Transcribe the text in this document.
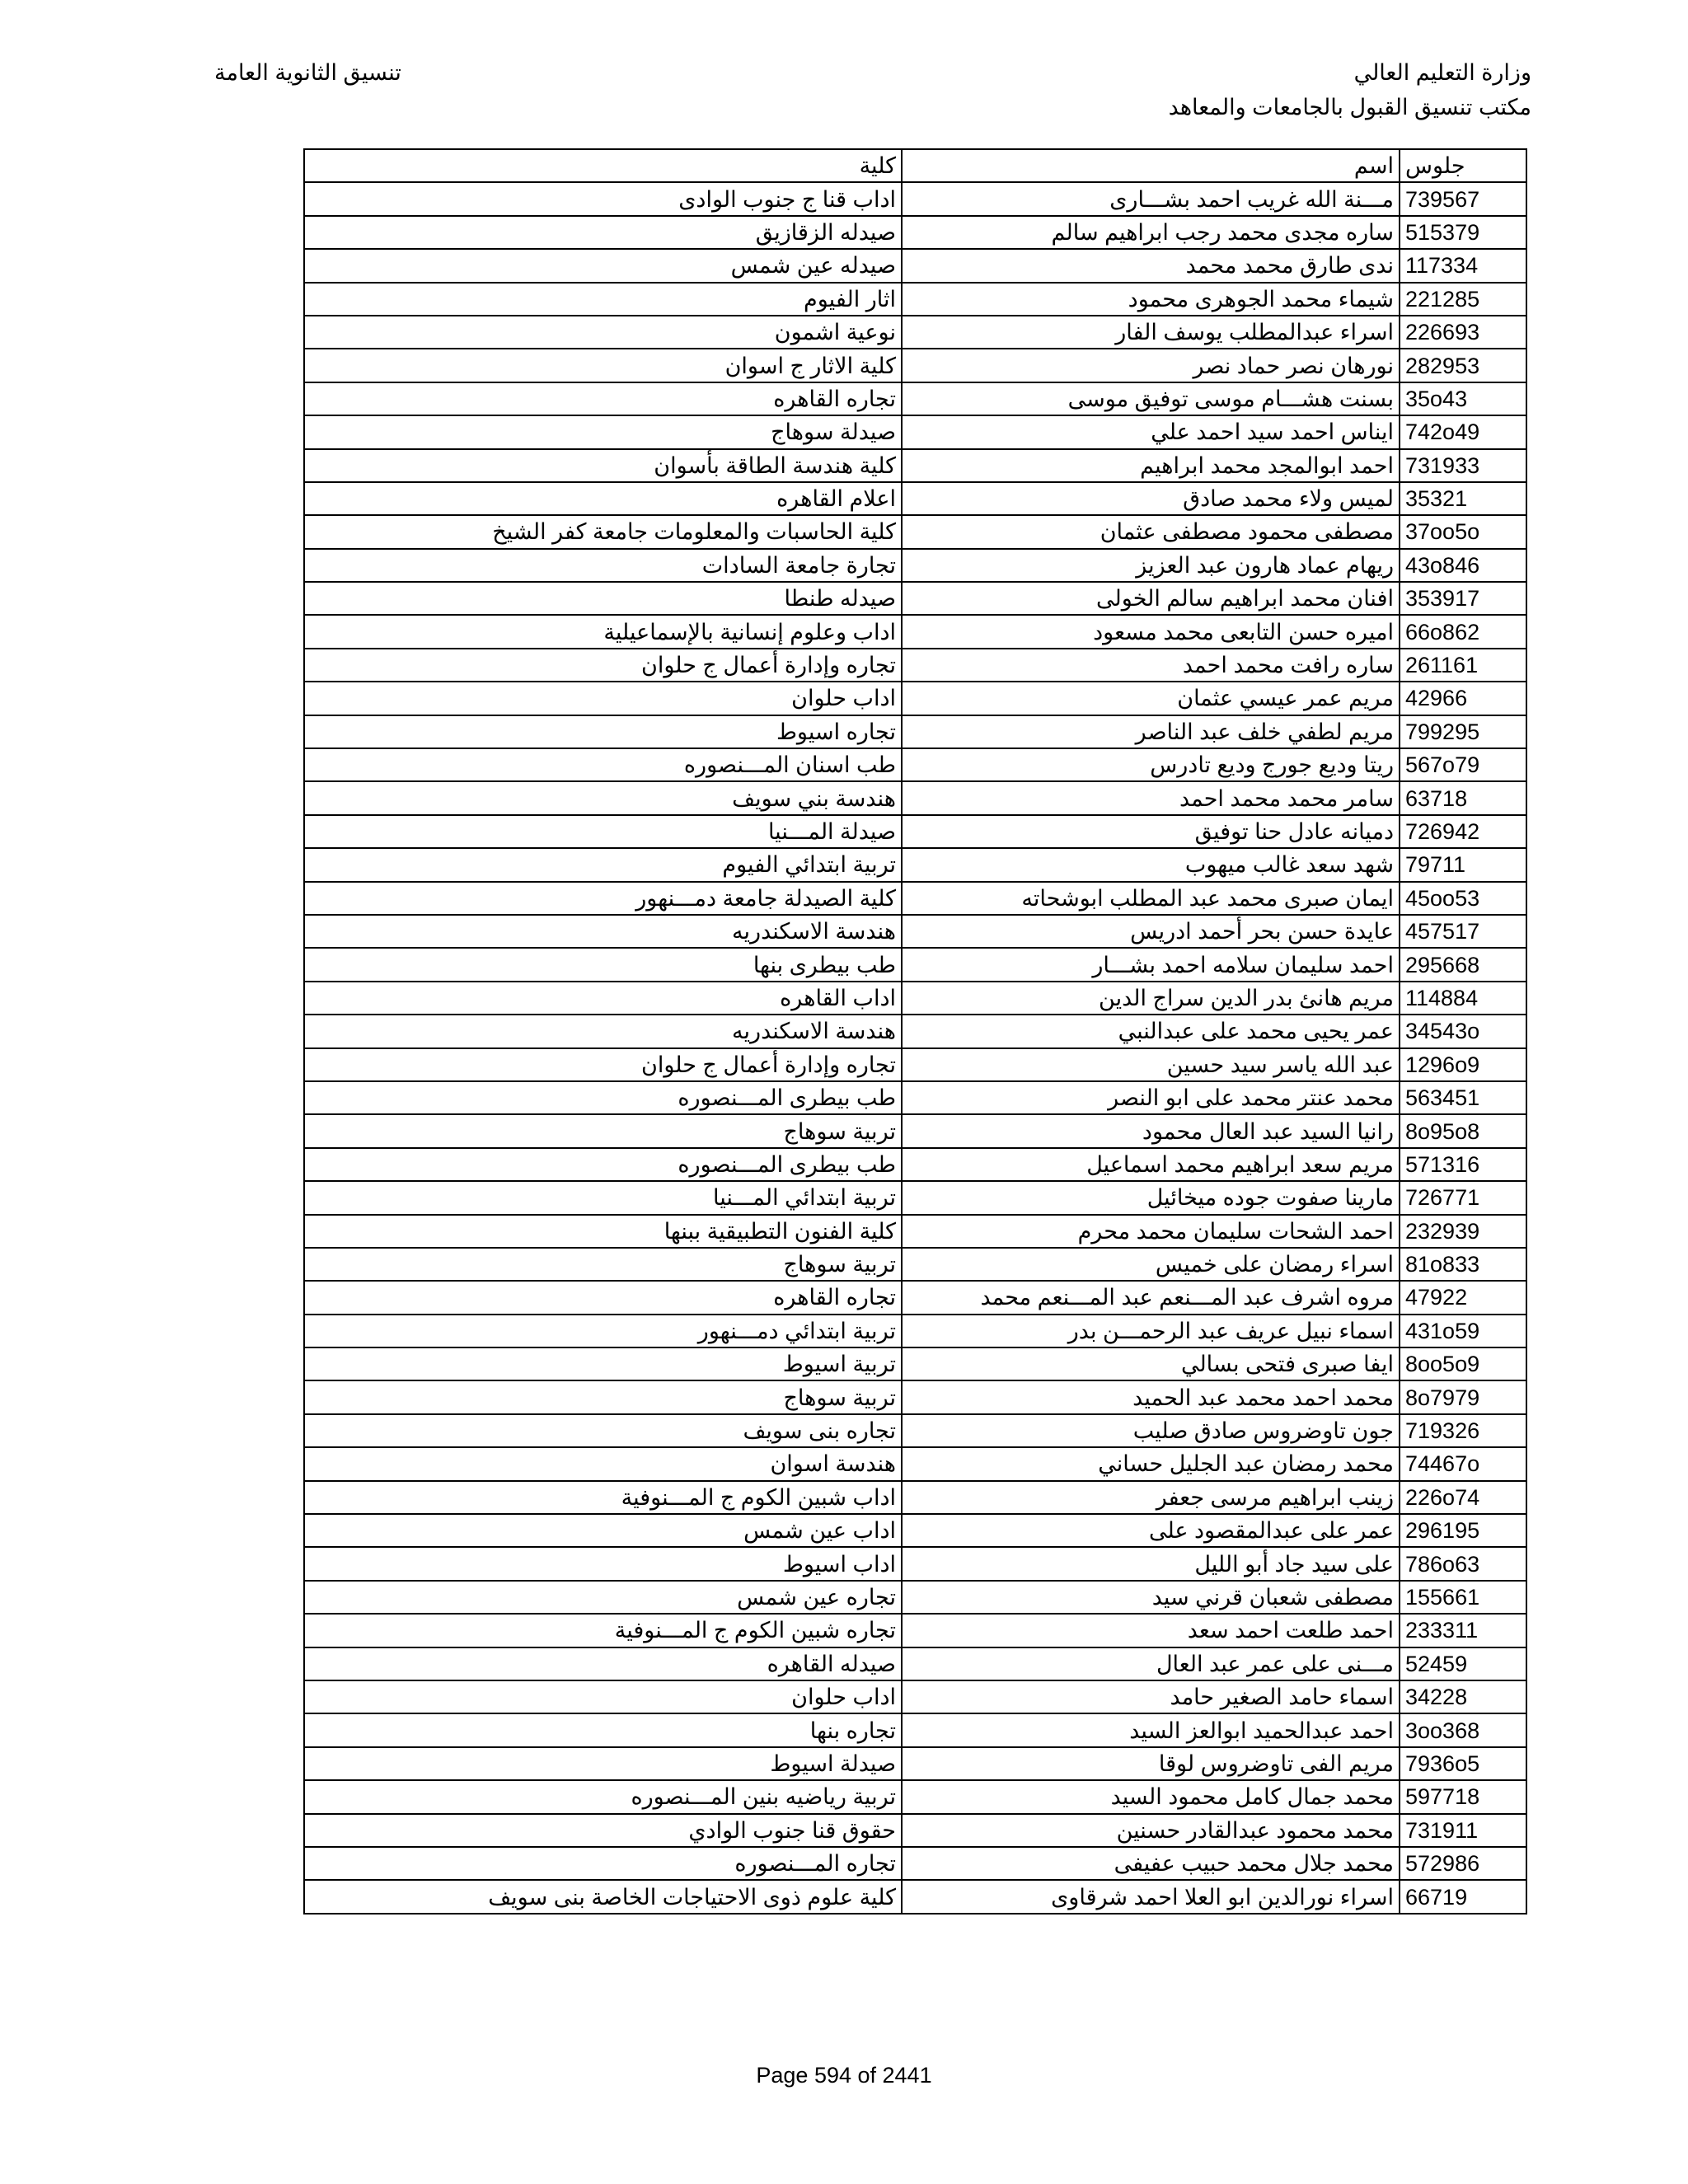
وزارة التعليم العالي
مكتب تنسيق القبول بالجامعات والمعاهد
تنسيق الثانوية العامة
جلوس	اسم	كلية
739567	مـــنة الله غريب احمد بشـــارى	اداب قنا ج جنوب الوادى
515379	ساره مجدى محمد رجب ابراهيم سالم	صيدله الزقازيق
117334	ندى طارق محمد محمد	صيدله عين شمس
221285	شيماء محمد الجوهرى محمود	اثار الفيوم
226693	اسراء عبدالمطلب يوسف الفار	نوعية اشمون
282953	نورهان نصر حماد نصر	كلية الاثار ج اسوان
35o43	بسنت هشـــام موسى توفيق موسى	تجاره القاهره
742o49	ايناس احمد سيد احمد علي	صيدلة سوهاج
731933	احمد ابوالمجد محمد ابراهيم	كلية هندسة الطاقة بأسوان
35321	لميس ولاء محمد صادق	اعلام القاهره
37oo5o	مصطفى محمود مصطفى عثمان	كلية الحاسبات والمعلومات جامعة كفر الشيخ
43o846	ريهام عماد هارون عبد العزيز	تجارة جامعة السادات
353917	افنان محمد ابراهيم سالم الخولى	صيدله طنطا
66o862	اميره حسن التابعى محمد مسعود	اداب وعلوم إنسانية بالإسماعيلية
261161	ساره رافت محمد احمد	تجاره وإدارة أعمال ج حلوان
42966	مريم عمر عيسي عثمان	اداب حلوان
799295	مريم لطفي خلف عبد الناصر	تجاره اسيوط
567o79	ريتا وديع جورج وديع تادرس	طب اسنان المـــنصوره
63718	سامر محمد محمد احمد	هندسة بني سويف
726942	دميانه عادل حنا توفيق	صيدلة المـــنيا
79711	شهد سعد غالب ميهوب	تربية ابتدائي الفيوم
45oo53	ايمان صبرى محمد عبد المطلب ابوشحاته	كلية الصيدلة جامعة دمـــنهور
457517	عايدة حسن بحر أحمد ادريس	هندسة الاسكندريه
295668	احمد سليمان سلامه احمد بشـــار	طب بيطرى بنها
114884	مريم هانئ بدر الدين سراج الدين	اداب القاهره
34543o	عمر يحيى محمد على عبدالنبي	هندسة الاسكندريه
1296o9	عبد الله ياسر سيد حسين	تجاره وإدارة أعمال ج حلوان
563451	محمد عنتر محمد على ابو النصر	طب بيطرى المـــنصوره
8o95o8	رانيا السيد عبد العال محمود	تربية سوهاج
571316	مريم سعد ابراهيم محمد اسماعيل	طب بيطرى المـــنصوره
726771	مارينا صفوت جوده ميخائيل	تربية ابتدائي المـــنيا
232939	احمد الشحات سليمان محمد محرم	كلية الفنون التطبيقية ببنها
81o833	اسراء رمضان على خميس	تربية سوهاج
47922	مروه اشرف عبد المـــنعم عبد المـــنعم محمد	تجاره القاهره
431o59	اسماء نبيل عريف عبد الرحمـــن بدر	تربية ابتدائي دمـــنهور
8oo5o9	ايفا صبرى فتحى بسالي	تربية اسيوط
8o7979	محمد احمد محمد عبد الحميد	تربية سوهاج
719326	جون تاوضروس صادق صليب	تجاره بنى سويف
74467o	محمد رمضان عبد الجليل حساني	هندسة اسوان
226o74	زينب ابراهيم مرسى جعفر	اداب شبين الكوم ج المـــنوفية
296195	عمر على عبدالمقصود على	اداب عين شمس
786o63	على سيد جاد أبو الليل	اداب اسيوط
155661	مصطفى شعبان قرني سيد	تجاره عين شمس
233311	احمد طلعت احمد سعد	تجاره شبين الكوم ج المـــنوفية
52459	مـــنى على عمر عبد العال	صيدله القاهره
34228	اسماء حامد الصغير حامد	اداب حلوان
3oo368	احمد عبدالحميد ابوالعز السيد	تجاره بنها
7936o5	مريم الفى تاوضروس لوقا	صيدلة اسيوط
597718	محمد جمال كامل محمود السيد	تربية رياضيه بنين المـــنصوره
731911	محمد محمود عبدالقادر حسنين	حقوق قنا جنوب الوادي
572986	محمد جلال محمد حبيب عفيفى	تجاره المـــنصوره
66719	اسراء نورالدين ابو العلا احمد شرقاوى	كلية علوم ذوى الاحتياجات الخاصة بنى سويف
Page 594 of 2441
